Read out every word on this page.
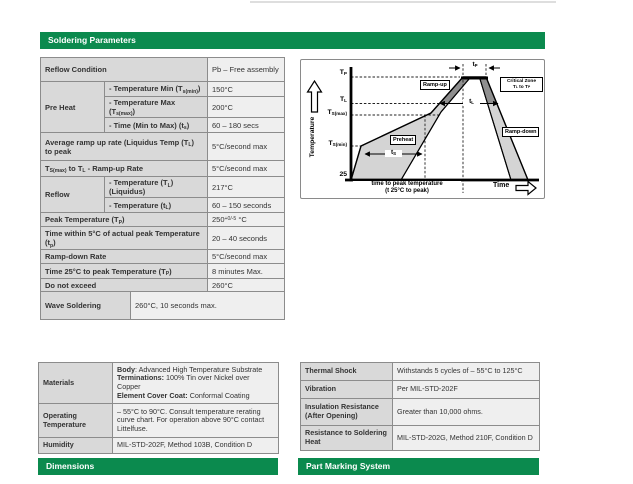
Soldering Parameters
Reflow Condition		Pb – Free assembly
Pre Heat	- Temperature Min $(T_{s(min)})$	150°C
	- Temperature Max $(T_{s(max)})$	200°C
	- Time (Min to Max) $(t_s)$	60 – 180 secs
Average ramp up rate (Liquidus Temp $(T_L)$ to peak		5°C/second max
$T_{S(max)}$ to $T_L$ - Ramp-up Rate		5°C/second max
Reflow	- Temperature $(T_L)$ (Liquidus)	217°C
	- Temperature $(t_L)$	60 – 150 seconds
Peak Temperature $(T_P)$		$250^{+0/-5}$ °C
Time within 5°C of actual peak Temperature $(t_p)$		20 – 40 seconds
Ramp-down Rate		5°C/second max
Time 25°C to peak Temperature $(T_P)$		8 minutes Max.
Do not exceed		260°C
Wave Soldering	260°C, 10 seconds max.
Temperature
Time
$T_P$
$T_L$
$T_{S(max)}$
$T_{S(min)}$
25
Ramp-up
Critical Zone
$T_L$ to $T_P$
Preheat
Ramp-down
$t_P$
$t_L$
$t_S$
time to peak temperature
(t 25°C to peak)
Materials	Body: Advanced High Temperature Substrate
Terminations: 100% Tin over Nickel over Copper
Element Cover Coat: Conformal Coating
Operating Temperature	– 55°C to 90°C. Consult temperature rerating curve chart. For operation above 90°C contact Littelfuse.
Humidity	MIL-STD-202F, Method 103B, Condition D
Thermal Shock	Withstands 5 cycles of – 55°C to 125°C
Vibration	Per MIL-STD-202F
Insulation Resistance (After Opening)	Greater than 10,000 ohms.
Resistance to Soldering Heat	MIL-STD-202G, Method 210F, Condition D
Dimensions	Part Marking System
